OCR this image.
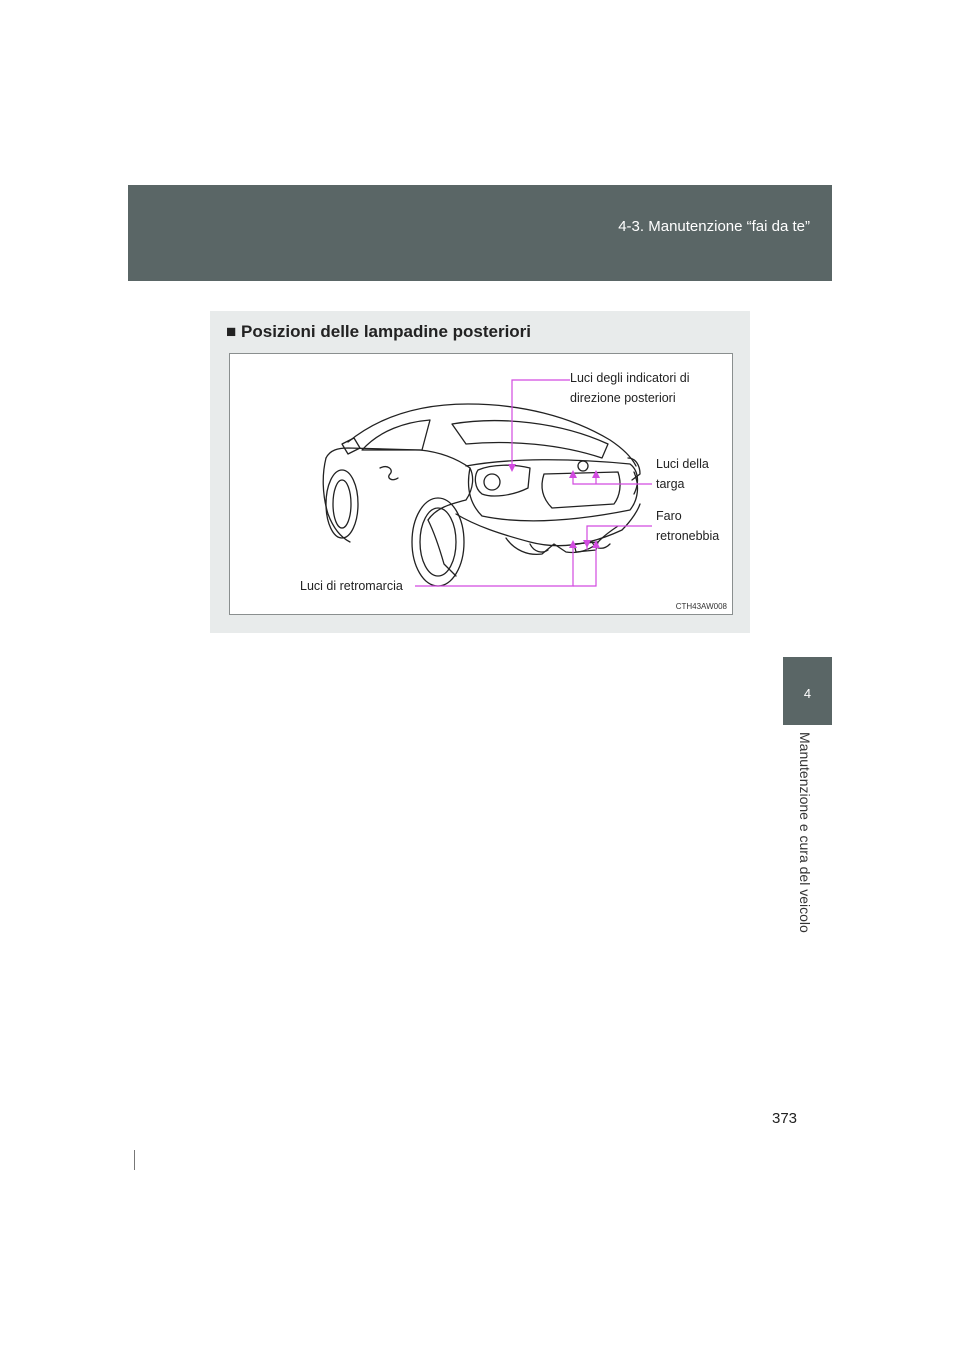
4-3. Manutenzione “fai da te”
4
Manutenzione e cura del veicolo
■ Posizioni delle lampadine posteriori
Luci degli indicatori di
direzione posteriori
Luci della
targa
Faro
retronebbia
Luci di retromarcia
CTH43AW008
373
